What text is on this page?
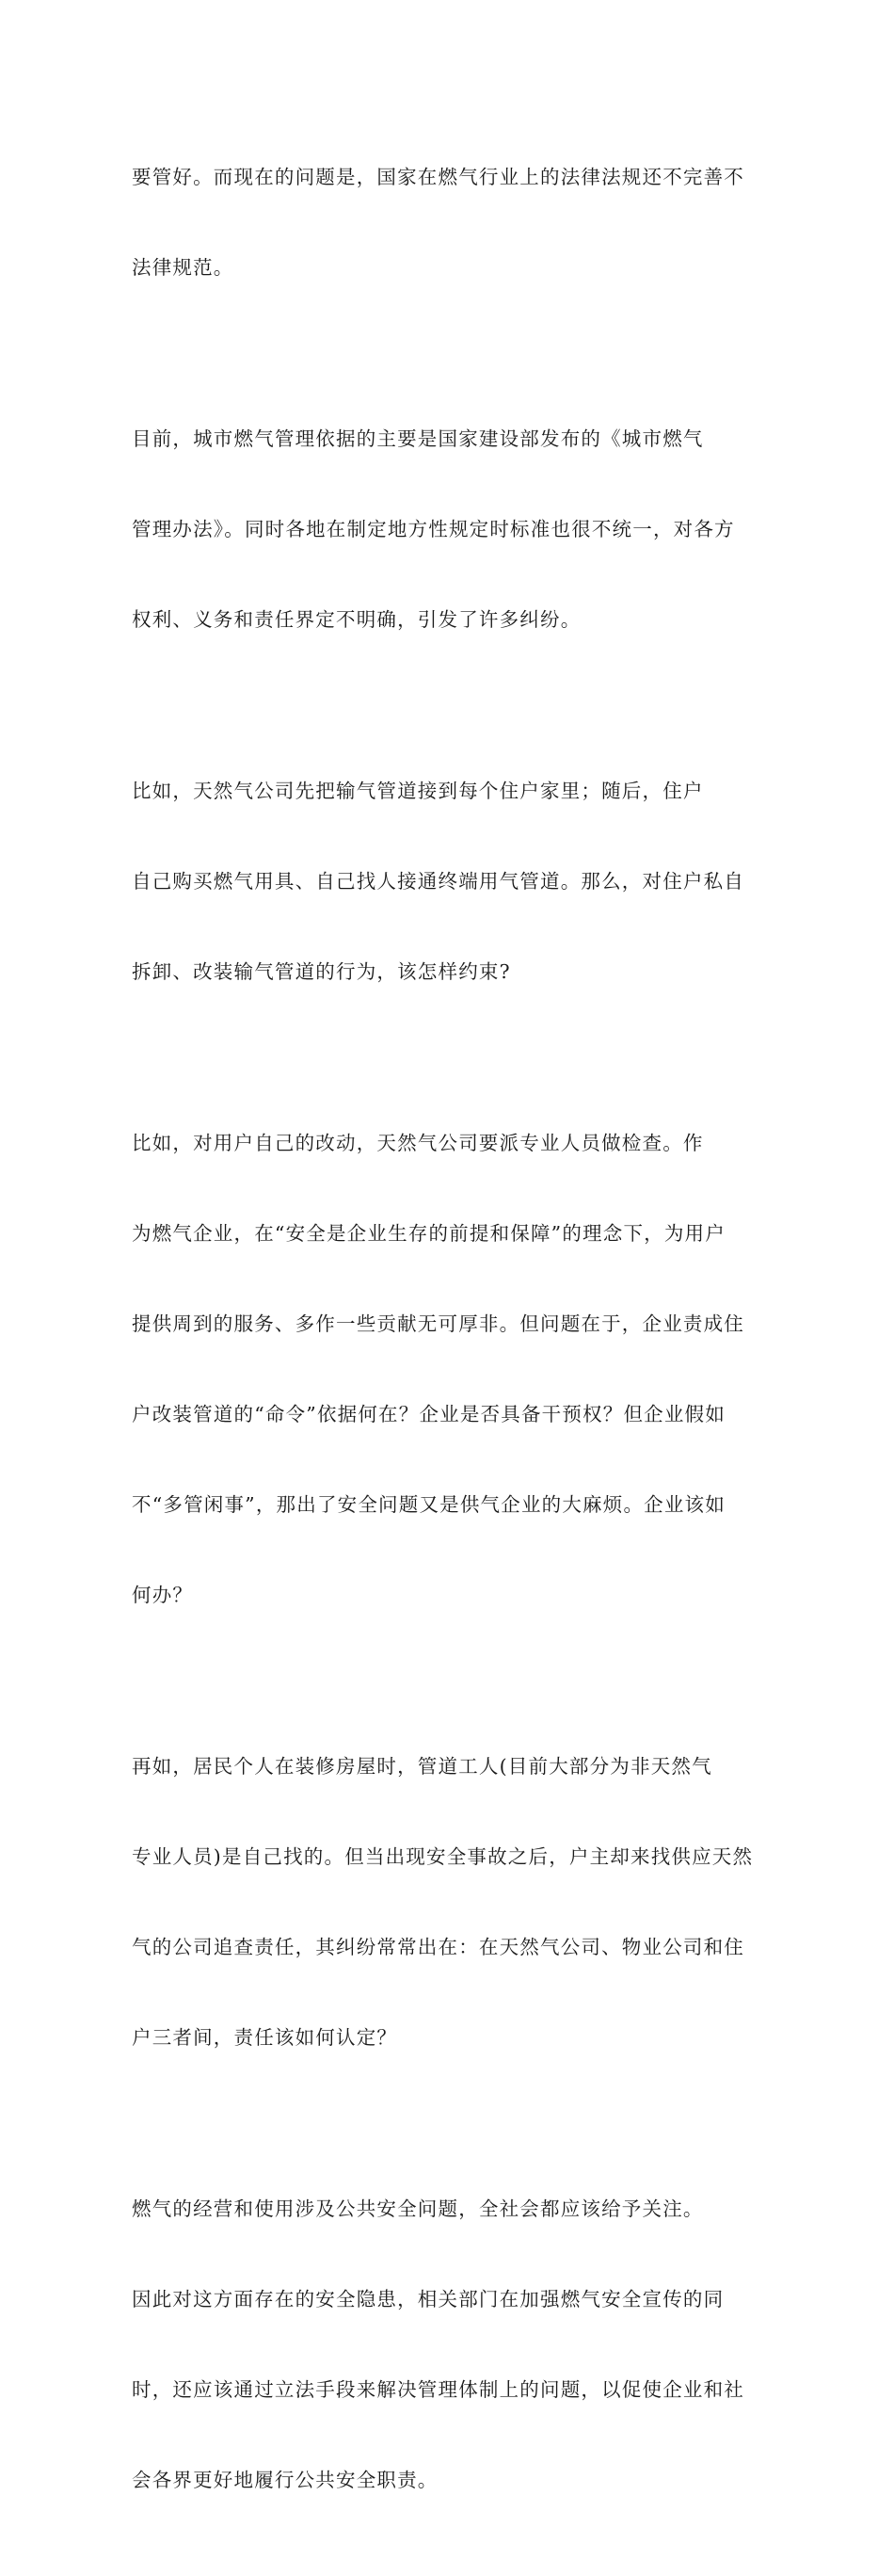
要管好。而现在的问题是，国家在燃气行业上的法律法规还不完善不

法律规范。

目前，城市燃气管理依据的主要是国家建设部发布的《城市燃气

管理办法》。同时各地在制定地方性规定时标准也很不统一，对各方

权利、义务和责任界定不明确，引发了许多纠纷。

比如，天然气公司先把输气管道接到每个住户家里；随后，住户

自己购买燃气用具、自己找人接通终端用气管道。那么，对住户私自

拆卸、改装输气管道的行为，该怎样约束?

比如，对用户自己的改动，天然气公司要派专业人员做检查。作

为燃气企业，在“安全是企业生存的前提和保障”的理念下，为用户

提供周到的服务、多作一些贡献无可厚非。但问题在于，企业责成住

户改装管道的“命令”依据何在？企业是否具备干预权？但企业假如

不“多管闲事”，那出了安全问题又是供气企业的大麻烦。企业该如

何办？

再如，居民个人在装修房屋时，管道工人(目前大部分为非天然气

专业人员)是自己找的。但当出现安全事故之后，户主却来找供应天然

气的公司追查责任，其纠纷常常出在：在天然气公司、物业公司和住

户三者间，责任该如何认定？

燃气的经营和使用涉及公共安全问题，全社会都应该给予关注。

因此对这方面存在的安全隐患，相关部门在加强燃气安全宣传的同

时，还应该通过立法手段来解决管理体制上的问题，以促使企业和社

会各界更好地履行公共安全职责。
